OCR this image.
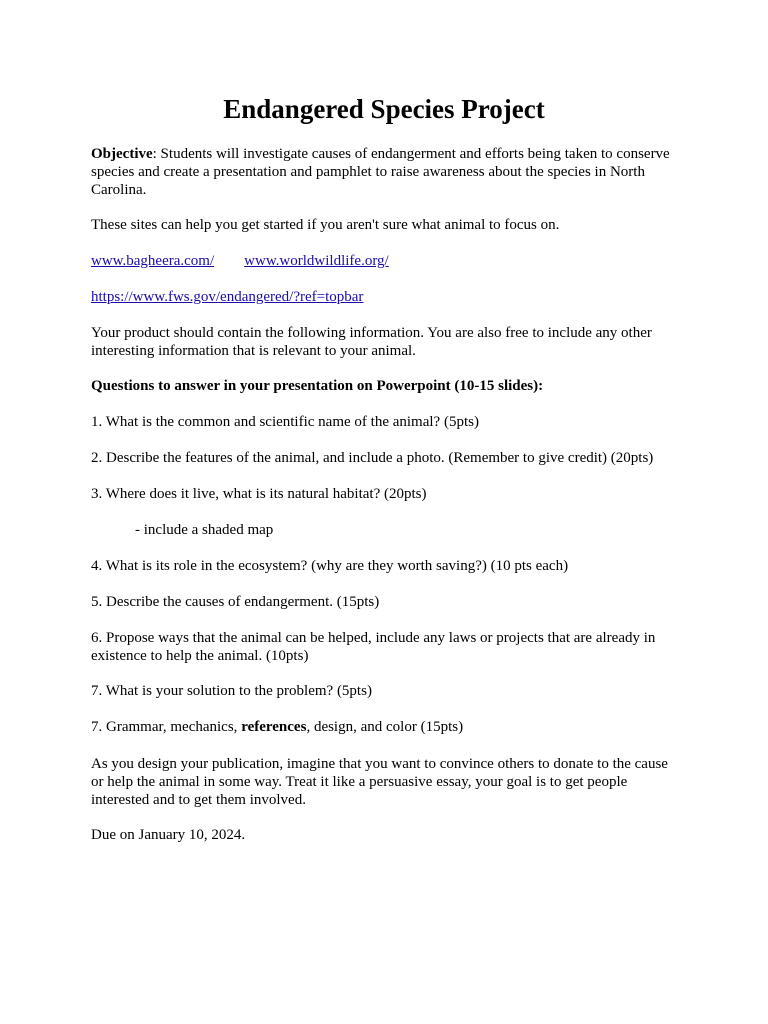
Endangered Species Project

Objective: Students will investigate causes of endangerment and efforts being taken to conserve species and create a presentation and pamphlet to raise awareness about the species in North Carolina.

These sites can help you get started if you aren't sure what animal to focus on.

www.bagheera.com/ www.worldwildlife.org/

https://www.fws.gov/endangered/?ref=topbar

Your product should contain the following information. You are also free to include any other interesting information that is relevant to your animal.

Questions to answer in your presentation on Powerpoint (10-15 slides):

1. What is the common and scientific name of the animal? (5pts)

2. Describe the features of the animal, and include a photo. (Remember to give credit) (20pts)

3. Where does it live, what is its natural habitat? (20pts)

- include a shaded map

4. What is its role in the ecosystem? (why are they worth saving?) (10 pts each)

5. Describe the causes of endangerment. (15pts)

6. Propose ways that the animal can be helped, include any laws or projects that are already in existence to help the animal. (10pts)

7. What is your solution to the problem? (5pts)

7. Grammar, mechanics, references, design, and color (15pts)

As you design your publication, imagine that you want to convince others to donate to the cause or help the animal in some way. Treat it like a persuasive essay, your goal is to get people interested and to get them involved.

Due on January 10, 2024.
